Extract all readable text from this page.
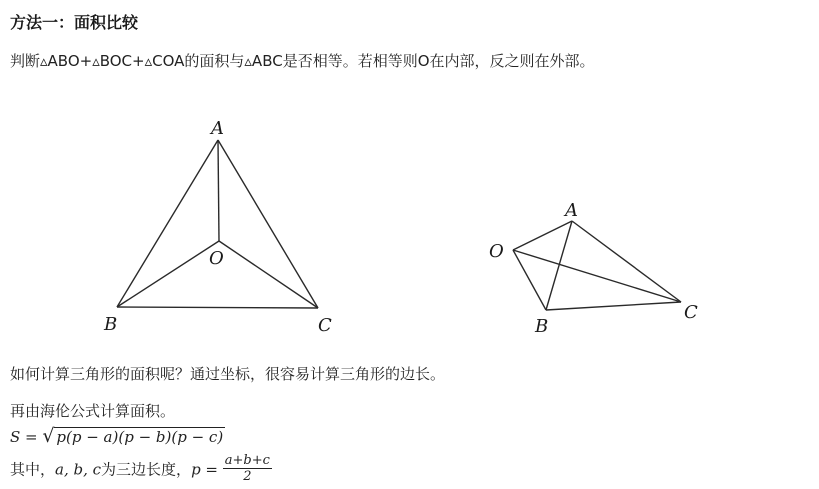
方法一：面积比较
判断▵ABO+▵BOC+▵COA的面积与▵ABC是否相等。若相等则O在内部，反之则在外部。
A
O
B	C
A
O
B
C
如何计算三角形的面积呢？通过坐标，很容易计算三角形的边长。
再由海伦公式计算面积。
S = √ p(p − a)(p − b)(p − c)
其中，a, b, c为三边长度，$p = \frac{a+b+c}{2}$
